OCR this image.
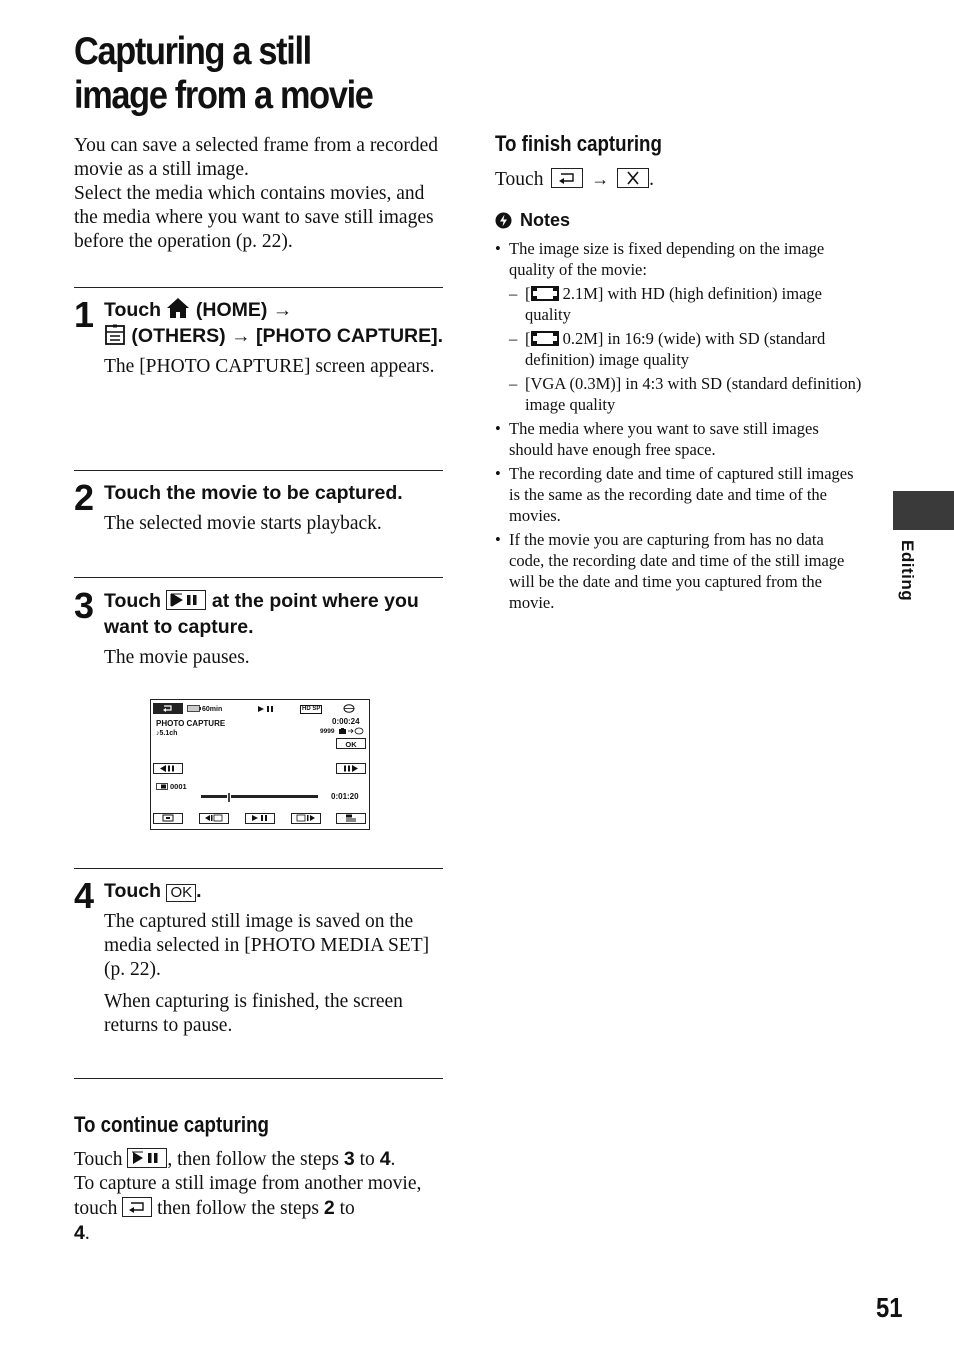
Capturing a still
image from a movie

You can save a selected frame from a recorded movie as a still image.

Select the media which contains movies, and the media where you want to save still images before the operation (p. 22).

1 Touch (HOME) →
(OTHERS) → [PHOTO CAPTURE].

The [PHOTO CAPTURE] screen appears.

2 Touch the movie to be captured.

The selected movie starts playback.

3 Touch	at the point where you want to capture.

The movie pauses.

60min	HD SP
PHOTO CAPTURE
♪5.1ch
0:00:24
9999
OK
0001
0:01:20
4 Touch OK .

The captured still image is saved on the media selected in [PHOTO MEDIA SET] (p. 22).

When capturing is finished, the screen returns to pause.

To continue capturing

Touch , then follow the steps 3 to 4.

To capture a still image from another movie, touch then follow the steps 2 to
4.

To finish capturing

Touch	→ .

Notes
• The image size is fixed depending on the image quality of the movie:
– [ 2.1M] with HD (high definition) image quality
– [ 0.2M] in 16:9 (wide) with SD (standard definition) image quality
– [VGA (0.3M)] in 4:3 with SD (standard definition) image quality
• The media where you want to save still images should have enough free space.
• The recording date and time of captured still images is the same as the recording date and time of the movies.
• If the movie you are capturing from has no data code, the recording date and time of the still image will be the date and time you captured from the movie.
Editing
51
